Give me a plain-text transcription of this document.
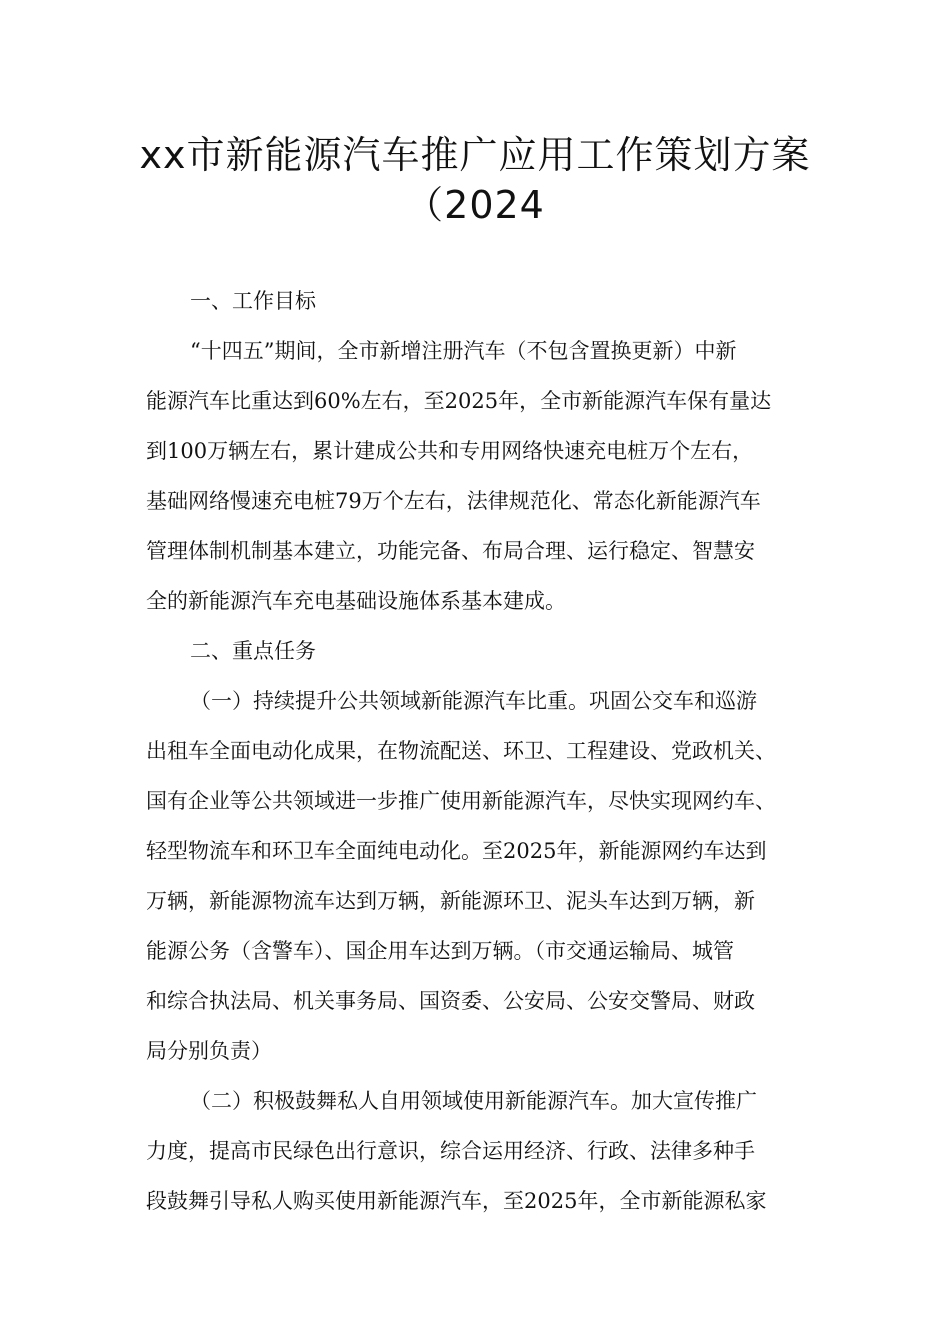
xx市新能源汽车推广应用工作策划方案
（2024
一、工作目标
“十四五”期间，全市新增注册汽车（不包含置换更新）中新
能源汽车比重达到60%左右，至2025年，全市新能源汽车保有量达
到100万辆左右，累计建成公共和专用网络快速充电桩万个左右，
基础网络慢速充电桩79万个左右，法律规范化、常态化新能源汽车
管理体制机制基本建立，功能完备、布局合理、运行稳定、智慧安
全的新能源汽车充电基础设施体系基本建成。
二、重点任务
（一）持续提升公共领域新能源汽车比重。巩固公交车和巡游
出租车全面电动化成果，在物流配送、环卫、工程建设、党政机关、
国有企业等公共领域进一步推广使用新能源汽车，尽快实现网约车、
轻型物流车和环卫车全面纯电动化。至2025年，新能源网约车达到
万辆，新能源物流车达到万辆，新能源环卫、泥头车达到万辆，新
能源公务（含警车）、国企用车达到万辆。（市交通运输局、城管
和综合执法局、机关事务局、国资委、公安局、公安交警局、财政
局分别负责）
（二）积极鼓舞私人自用领域使用新能源汽车。加大宣传推广
力度，提高市民绿色出行意识，综合运用经济、行政、法律多种手
段鼓舞引导私人购买使用新能源汽车，至2025年，全市新能源私家
